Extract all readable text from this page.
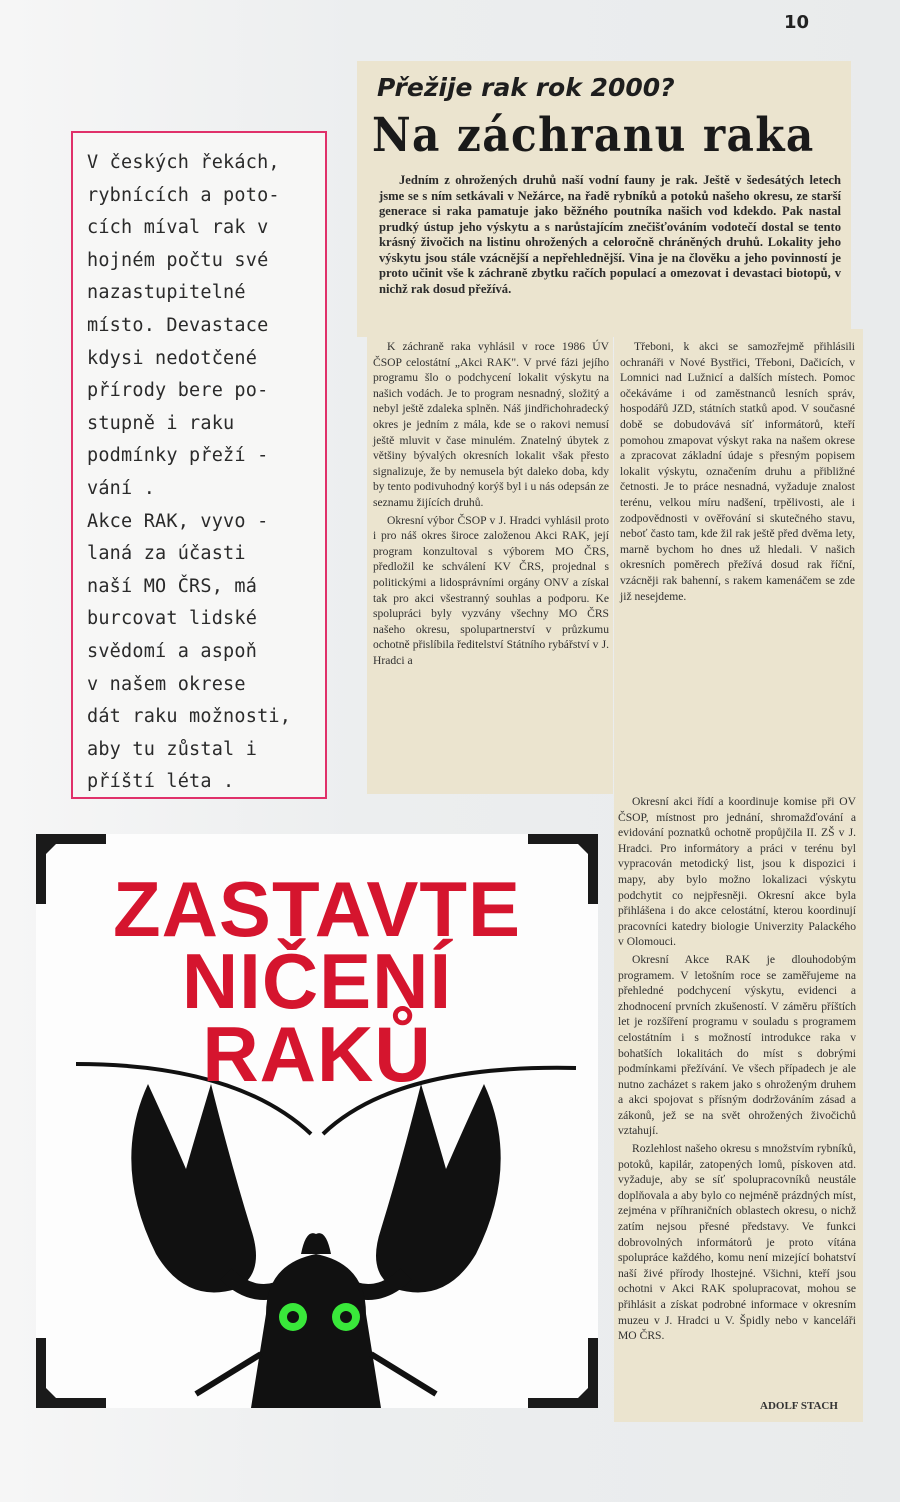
10
V českých řekách,
rybnících a poto-
cích míval rak v
hojném počtu své
nazastupitelné
místo. Devastace
kdysi nedotčené
přírody bere po-
stupně i raku
podmínky přeží -
vání .
Akce RAK, vyvo -
laná za účasti
naší MO ČRS, má
burcovat lidské
svědomí a aspoň
v našem okrese
dát raku možnosti,
aby tu zůstal i
příští léta .
Přežije rak rok 2000?
Na záchranu raka
Jedním z ohrožených druhů naší vodní fauny je rak. Ještě v šedesátých letech jsme se s ním setkávali v Nežárce, na řadě rybníků a potoků našeho okresu, ze starší generace si raka pamatuje jako běžného poutníka našich vod kdekdo. Pak nastal prudký ústup jeho výskytu a s narůstajícím znečišťováním vodotečí dostal se tento krásný živočich na listinu ohrožených a celoročně chráněných druhů. Lokality jeho výskytu jsou stále vzácnější a nepřehlednější. Vina je na člověku a jeho povinností je proto učinit vše k záchraně zbytku račích populací a omezovat i devastaci biotopů, v nichž rak dosud přežívá.

K záchraně raka vyhlásil v roce 1986 ÚV ČSOP celostátní „Akci RAK". V prvé fázi jejího programu šlo o podchycení lokalit výskytu na našich vodách. Je to program nesnadný, složitý a nebyl ještě zdaleka splněn. Náš jindřichohradecký okres je jedním z mála, kde se o rakovi nemusí ještě mluvit v čase minulém. Znatelný úbytek z většiny bývalých okresních lokalit však přesto signalizuje, že by nemusela být daleko doba, kdy by tento podivuhodný korýš byl i u nás odepsán ze seznamu žijících druhů.

Okresní výbor ČSOP v J. Hradci vyhlásil proto i pro náš okres široce založenou Akci RAK, její program konzultoval s výborem MO ČRS, předložil ke schválení KV ČRS, projednal s politickými a lidosprávními orgány ONV a získal tak pro akci všestranný souhlas a podporu. Ke spolupráci byly vyzvány všechny MO ČRS našeho okresu, spolupartnerství v průzkumu ochotně přislíbila ředitelství Státního rybářství v J. Hradci a

Třeboni, k akci se samozřejmě přihlásili ochranáři v Nové Bystřici, Třeboni, Dačicích, v Lomnici nad Lužnicí a dalších místech. Pomoc očekáváme i od zaměstnanců lesních správ, hospodářů JZD, státních statků apod. V současné době se dobudovává síť informátorů, kteří pomohou zmapovat výskyt raka na našem okrese a zpracovat základní údaje s přesným popisem lokalit výskytu, označením druhu a přibližné četnosti. Je to práce nesnadná, vyžaduje znalost terénu, velkou míru nadšení, trpělivosti, ale i zodpovědnosti v ověřování si skutečného stavu, neboť často tam, kde žil rak ještě před dvěma lety, marně bychom ho dnes už hledali. V našich okresních poměrech přežívá dosud rak říční, vzácněji rak bahenní, s rakem kamenáčem se zde již nesejdeme.

Okresní akci řídí a koordinuje komise při OV ČSOP, místnost pro jednání, shromažďování a evidování poznatků ochotně propůjčila II. ZŠ v J. Hradci. Pro informátory a práci v terénu byl vypracován metodický list, jsou k dispozici i mapy, aby bylo možno lokalizaci výskytu podchytit co nejpřesněji. Okresní akce byla přihlášena i do akce celostátní, kterou koordinují pracovníci katedry biologie Univerzity Palackého v Olomouci.

Okresní Akce RAK je dlouhodobým programem. V letošním roce se zaměřujeme na přehledné podchycení výskytu, evidenci a zhodnocení prvních zkušeností. V záměru příštích let je rozšíření programu v souladu s programem celostátním i s možností introdukce raka v bohatších lokalitách do míst s dobrými podmínkami přežívání. Ve všech případech je ale nutno zacházet s rakem jako s ohroženým druhem a akci spojovat s přísným dodržováním zásad a zákonů, jež se na svět ohrožených živočichů vztahují.

Rozlehlost našeho okresu s množstvím rybníků, potoků, kapilár, zatopených lomů, pískoven atd. vyžaduje, aby se síť spolupracovníků neustále doplňovala a aby bylo co nejméně prázdných míst, zejména v příhraničních oblastech okresu, o nichž zatím nejsou přesné představy. Ve funkci dobrovolných informátorů je proto vítána spolupráce každého, komu není mizející bohatství naší živé přírody lhostejné. Všichni, kteří jsou ochotni v Akci RAK spolupracovat, mohou se přihlásit a získat podrobné informace v okresním muzeu v J. Hradci u V. Špidly nebo v kanceláři MO ČRS.

ADOLF STACH
ZASTAVTE
NIČENÍ
RAKŮ
